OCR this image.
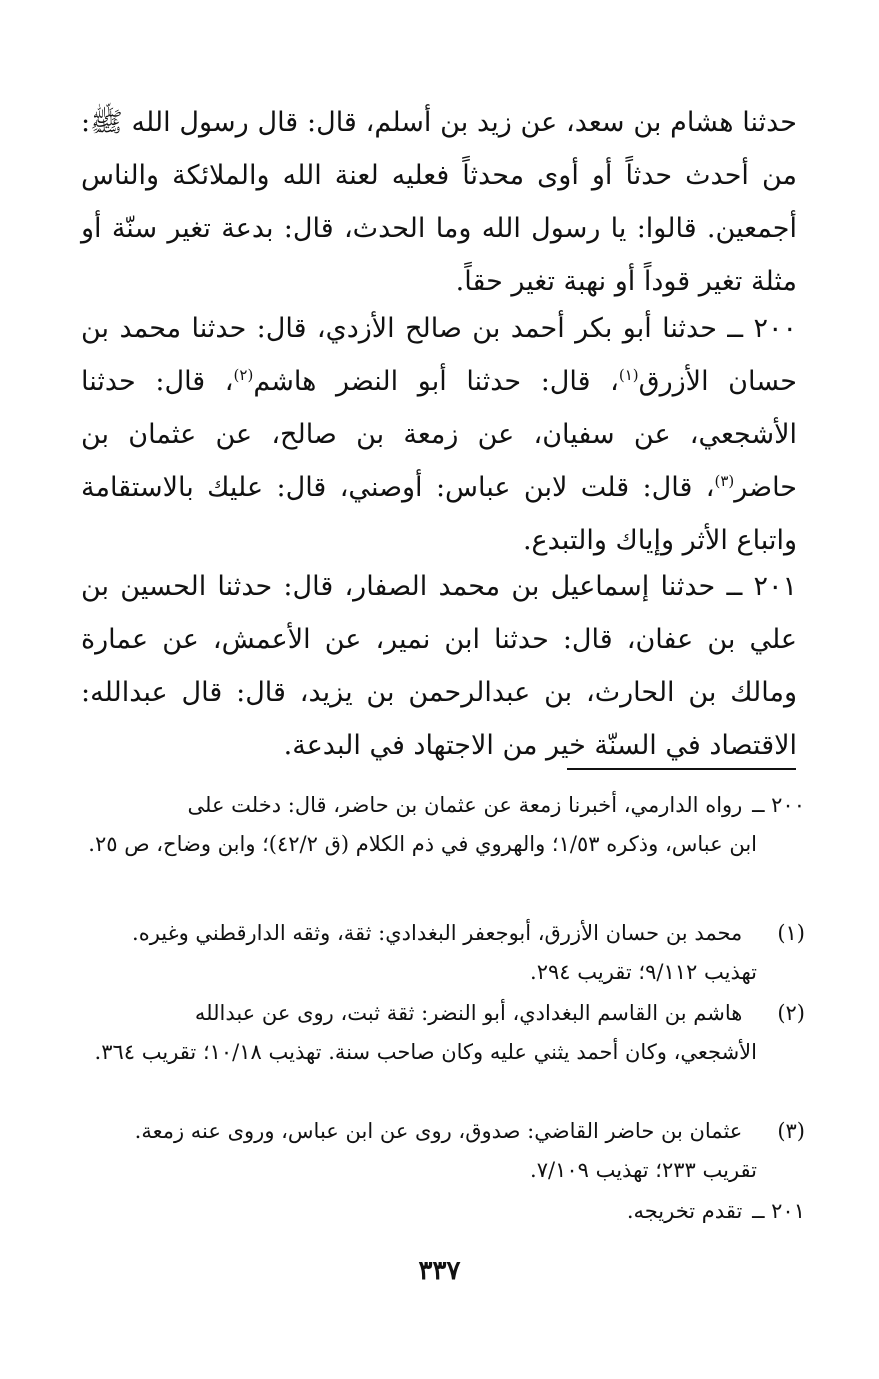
حدثنا هشام بن سعد، عن زيد بن أسلم، قال: قال رسول الله ﷺ: من أحدث حدثاً أو أوى محدثاً فعليه لعنة الله والملائكة والناس أجمعين. قالوا: يا رسول الله وما الحدث، قال: بدعة تغير سنّة أو مثلة تغير قوداً أو نهبة تغير حقاً.

٢٠٠ ــ حدثنا أبو بكر أحمد بن صالح الأزدي، قال: حدثنا محمد بن حسان الأزرق$^{(١)}$، قال: حدثنا أبو النضر هاشم$^{(٢)}$، قال: حدثنا الأشجعي، عن سفيان، عن زمعة بن صالح، عن عثمان بن حاضر$^{(٣)}$، قال: قلت لابن عباس: أوصني، قال: عليك بالاستقامة واتباع الأثر وإياك والتبدع.

٢٠١ ــ حدثنا إسماعيل بن محمد الصفار، قال: حدثنا الحسين بن علي بن عفان، قال: حدثنا ابن نمير، عن الأعمش، عن عمارة ومالك بن الحارث، بن عبدالرحمن بن يزيد، قال: قال عبدالله: الاقتصاد في السنّة خير من الاجتهاد في البدعة.

٢٠٠ ــ رواه الدارمي، أخبرنا زمعة عن عثمان بن حاضر، قال: دخلت على
ابن عباس، وذكره ١/٥٣؛ والهروي في ذم الكلام (ق ٤٢/٢)؛ وابن وضاح، ص ٢٥.

(١) محمد بن حسان الأزرق، أبوجعفر البغدادي: ثقة، وثقه الدارقطني وغيره.
تهذيب ٩/١١٢؛ تقريب ٢٩٤.

(٢) هاشم بن القاسم البغدادي، أبو النضر: ثقة ثبت، روى عن عبدالله
الأشجعي، وكان أحمد يثني عليه وكان صاحب سنة. تهذيب ١٠/١٨؛ تقريب ٣٦٤.

(٣) عثمان بن حاضر القاضي: صدوق، روى عن ابن عباس، وروى عنه زمعة.
تقريب ٢٣٣؛ تهذيب ٧/١٠٩.

٢٠١ ــ تقدم تخريجه.

٣٣٧
